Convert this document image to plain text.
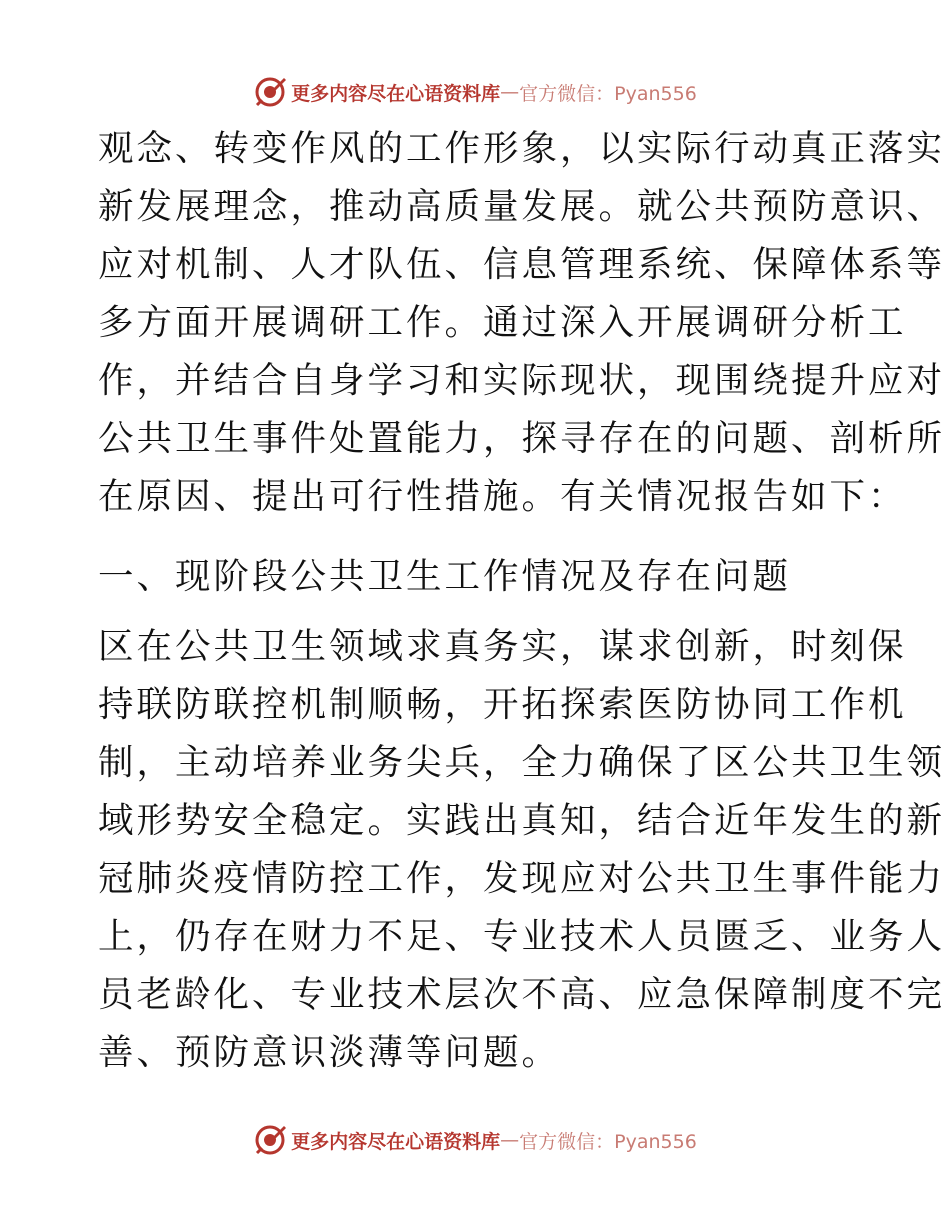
更多内容尽在心语资料库 — 官方微信：Pyan556
观念、转变作风的工作形象，以实际行动真正落实
新发展理念，推动高质量发展。就公共预防意识、
应对机制、人才队伍、信息管理系统、保障体系等
多方面开展调研工作。通过深入开展调研分析工
作，并结合自身学习和实际现状，现围绕提升应对
公共卫生事件处置能力，探寻存在的问题、剖析所
在原因、提出可行性措施。有关情况报告如下：
一、现阶段公共卫生工作情况及存在问题
区在公共卫生领域求真务实，谋求创新，时刻保
持联防联控机制顺畅，开拓探索医防协同工作机
制，主动培养业务尖兵，全力确保了区公共卫生领
域形势安全稳定。实践出真知，结合近年发生的新
冠肺炎疫情防控工作，发现应对公共卫生事件能力
上，仍存在财力不足、专业技术人员匮乏、业务人
员老龄化、专业技术层次不高、应急保障制度不完
善、预防意识淡薄等问题。
更多内容尽在心语资料库 — 官方微信：Pyan556
